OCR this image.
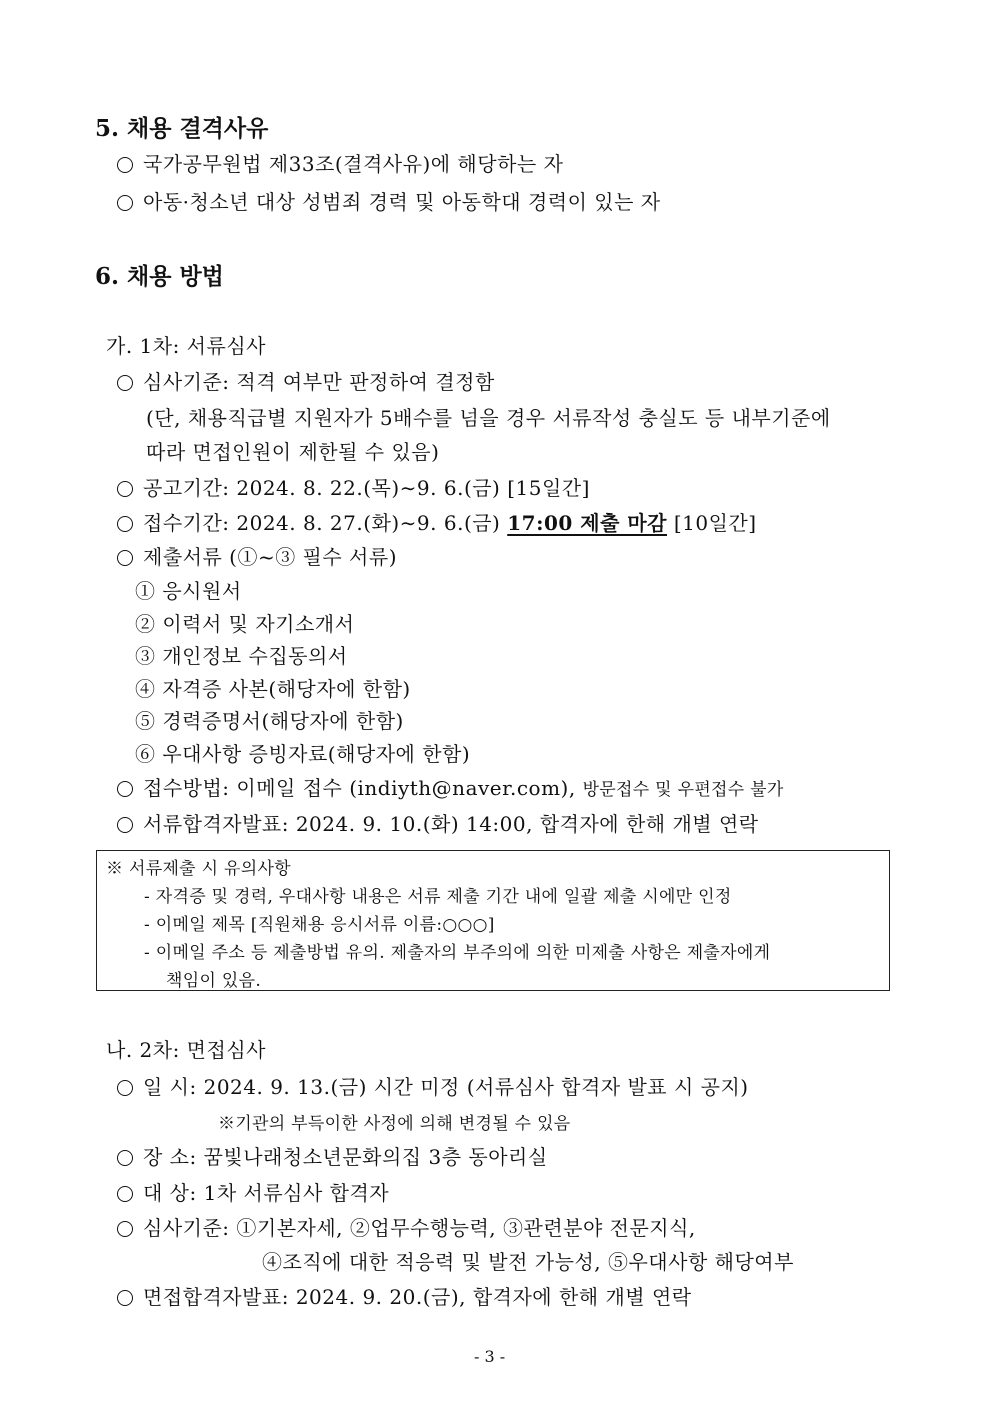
5. 채용 결격사유
국가공무원법 제33조(결격사유)에 해당하는 자
아동·청소년 대상 성범죄 경력 및 아동학대 경력이 있는 자
6. 채용 방법
가. 1차: 서류심사
심사기준: 적격 여부만 판정하여 결정함
(단, 채용직급별 지원자가 5배수를 넘을 경우 서류작성 충실도 등 내부기준에
따라 면접인원이 제한될 수 있음)
공고기간: 2024. 8. 22.(목)∼9. 6.(금) [15일간]
접수기간: 2024. 8. 27.(화)∼9. 6.(금) 17:00 제출 마감 [10일간]
제출서류 (①~③ 필수 서류)
① 응시원서
② 이력서 및 자기소개서
③ 개인정보 수집동의서
④ 자격증 사본(해당자에 한함)
⑤ 경력증명서(해당자에 한함)
⑥ 우대사항 증빙자료(해당자에 한함)
접수방법: 이메일 접수 (indiyth@naver.com), 방문접수 및 우편접수 불가
서류합격자발표: 2024. 9. 10.(화) 14:00, 합격자에 한해 개별 연락
※ 서류제출 시 유의사항
- 자격증 및 경력, 우대사항 내용은 서류 제출 기간 내에 일괄 제출 시에만 인정
- 이메일 제목 [직원채용 응시서류 이름:○○○]
- 이메일 주소 등 제출방법 유의. 제출자의 부주의에 의한 미제출 사항은 제출자에게
책임이 있음.
나. 2차: 면접심사
일 시: 2024. 9. 13.(금) 시간 미정 (서류심사 합격자 발표 시 공지)
※기관의 부득이한 사정에 의해 변경될 수 있음
장 소: 꿈빛나래청소년문화의집 3층 동아리실
대 상: 1차 서류심사 합격자
심사기준: ①기본자세, ②업무수행능력, ③관련분야 전문지식,
④조직에 대한 적응력 및 발전 가능성, ⑤우대사항 해당여부
면접합격자발표: 2024. 9. 20.(금), 합격자에 한해 개별 연락
- 3 -
